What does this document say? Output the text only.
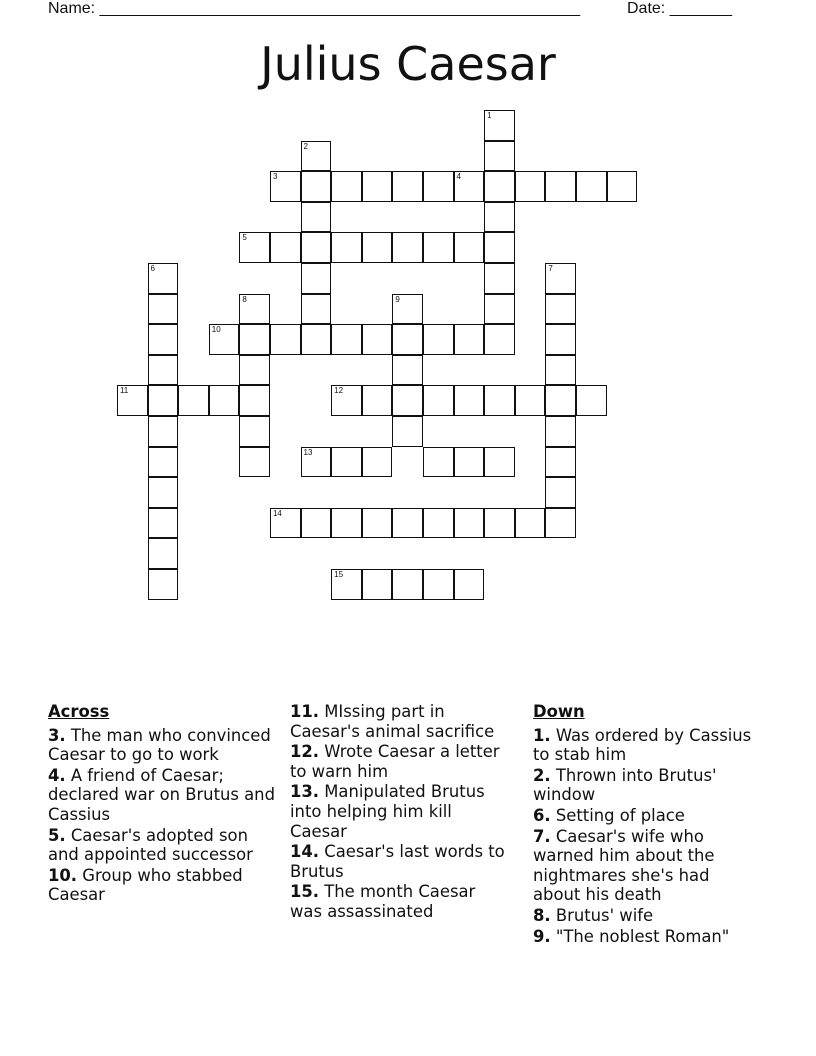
Name: ______________________________________________________	Date: _______
Julius Caesar
1
2
3	4
5
6	7
8	9
10
11	12
13
14
15
Across
3. The man who convinced Caesar to go to work
4. A friend of Caesar; declared war on Brutus and Cassius
5. Caesar's adopted son and appointed successor
10. Group who stabbed Caesar
11. MIssing part in Caesar's animal sacrifice
12. Wrote Caesar a letter to warn him
13. Manipulated Brutus into helping him kill Caesar
14. Caesar's last words to Brutus
15. The month Caesar was assassinated
Down
1. Was ordered by Cassius to stab him
2. Thrown into Brutus' window
6. Setting of place
7. Caesar's wife who warned him about the nightmares she's had about his death
8. Brutus' wife
9. "The noblest Roman"
